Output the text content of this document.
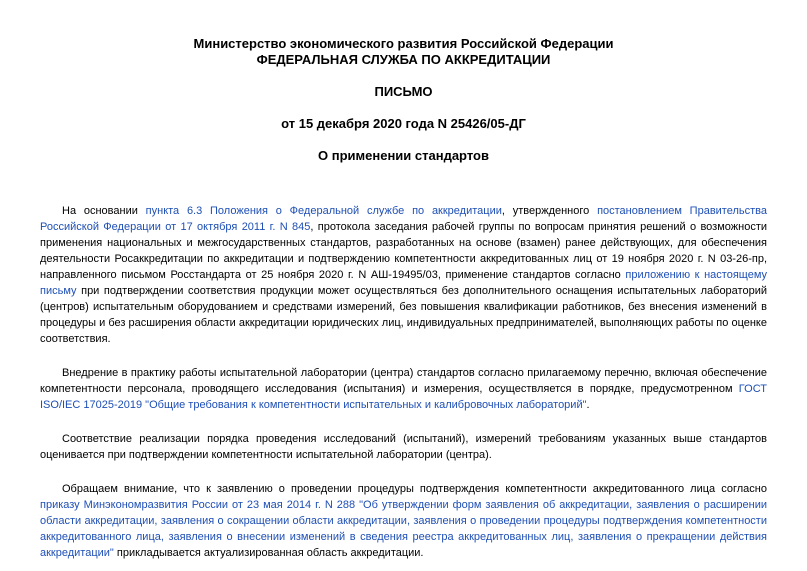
Министерство экономического развития Российской Федерации
ФЕДЕРАЛЬНАЯ СЛУЖБА ПО АККРЕДИТАЦИИ
ПИСЬМО
от 15 декабря 2020 года N 25426/05-ДГ
О применении стандартов

На основании пункта 6.3 Положения о Федеральной службе по аккредитации, утвержденного постановлением Правительства Российской Федерации от 17 октября 2011 г. N 845, протокола заседания рабочей группы по вопросам принятия решений о возможности применения национальных и межгосударственных стандартов, разработанных на основе (взамен) ранее действующих, для обеспечения деятельности Росаккредитации по аккредитации и подтверждению компетентности аккредитованных лиц от 19 ноября 2020 г. N 03-26-пр, направленного письмом Росстандарта от 25 ноября 2020 г. N АШ-19495/03, применение стандартов согласно приложению к настоящему письму при подтверждении соответствия продукции может осуществляться без дополнительного оснащения испытательных лабораторий (центров) испытательным оборудованием и средствами измерений, без повышения квалификации работников, без внесения изменений в процедуры и без расширения области аккредитации юридических лиц, индивидуальных предпринимателей, выполняющих работы по оценке соответствия.

Внедрение в практику работы испытательной лаборатории (центра) стандартов согласно прилагаемому перечню, включая обеспечение компетентности персонала, проводящего исследования (испытания) и измерения, осуществляется в порядке, предусмотренном ГОСТ ISO/IEC 17025-2019 "Общие требования к компетентности испытательных и калибровочных лабораторий".

Соответствие реализации порядка проведения исследований (испытаний), измерений требованиям указанных выше стандартов оценивается при подтверждении компетентности испытательной лаборатории (центра).

Обращаем внимание, что к заявлению о проведении процедуры подтверждения компетентности аккредитованного лица согласно приказу Минэкономразвития России от 23 мая 2014 г. N 288 "Об утверждении форм заявления об аккредитации, заявления о расширении области аккредитации, заявления о сокращении области аккредитации, заявления о проведении процедуры подтверждения компетентности аккредитованного лица, заявления о внесении изменений в сведения реестра аккредитованных лиц, заявления о прекращении действия аккредитации" прикладывается актуализированная область аккредитации.
